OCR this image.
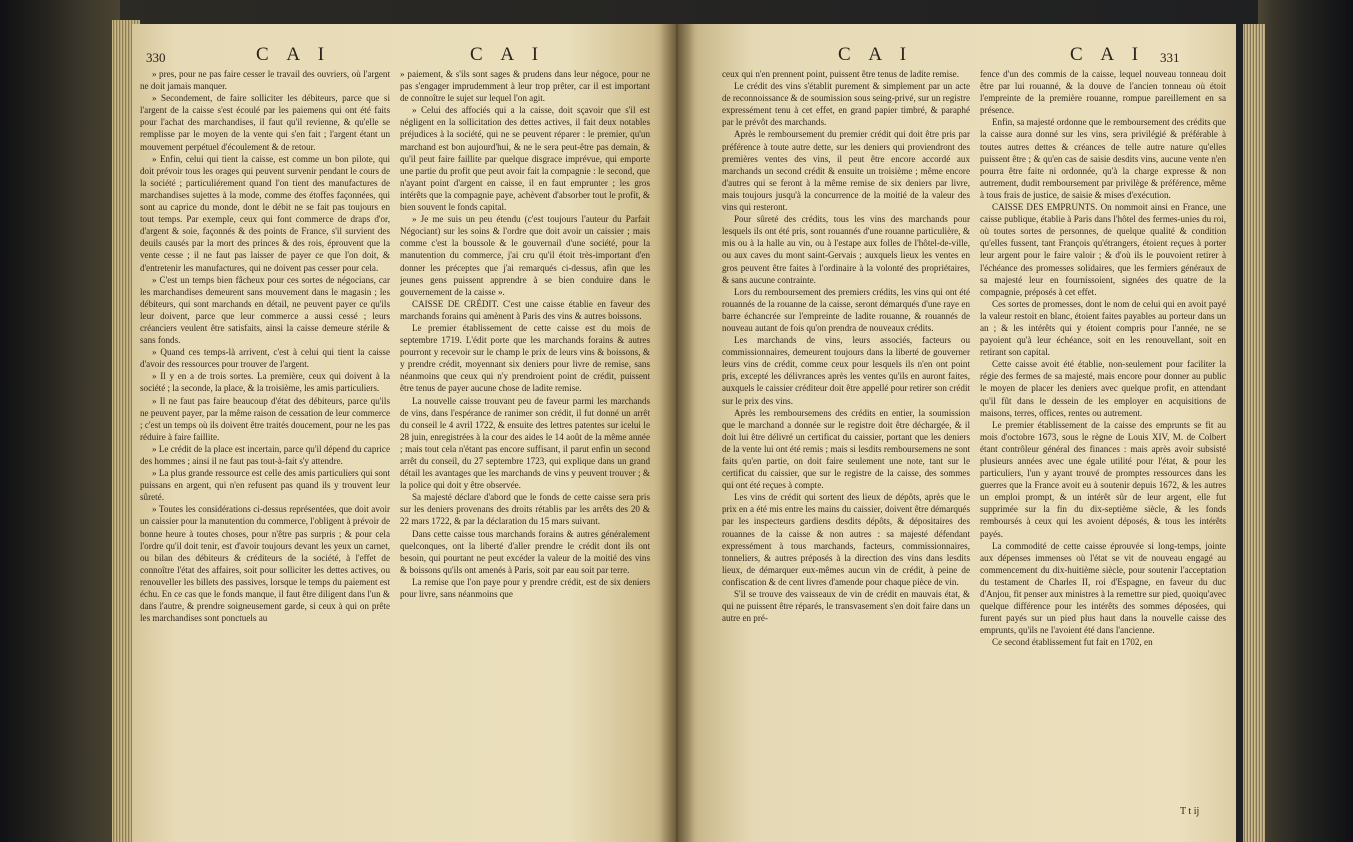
330	C A I	C A I

» pres, pour ne pas faire cesser le travail des ouvriers, où l'argent ne doit jamais manquer.

» Secondement, de faire solliciter les débiteurs, parce que si l'argent de la caisse s'est écoulé par les paiemens qui ont été faits pour l'achat des marchandises, il faut qu'il revienne, & qu'elle se remplisse par le moyen de la vente qui s'en fait ; l'argent étant un mouvement perpétuel d'écoulement & de retour.

» Enfin, celui qui tient la caisse, est comme un bon pilote, qui doit prévoir tous les orages qui peuvent survenir pendant le cours de la société ; particuliérement quand l'on tient des manufactures de marchandises sujettes à la mode, comme des étoffes façonnées, qui sont au caprice du monde, dont le débit ne se fait pas toujours en tout temps. Par exemple, ceux qui font commerce de draps d'or, d'argent & soie, façonnés & des points de France, s'il survient des deuils causés par la mort des princes & des rois, éprouvent que la vente cesse ; il ne faut pas laisser de payer ce que l'on doit, & d'entretenir les manufactures, qui ne doivent pas cesser pour cela.

» C'est un temps bien fâcheux pour ces sortes de négocians, car les marchandises demeurent sans mouvement dans le magasin ; les débiteurs, qui sont marchands en détail, ne peuvent payer ce qu'ils leur doivent, parce que leur commerce a aussi cessé ; leurs créanciers veulent être satisfaits, ainsi la caisse demeure stérile & sans fonds.

» Quand ces temps-là arrivent, c'est à celui qui tient la caisse d'avoir des ressources pour trouver de l'argent.

» Il y en a de trois sortes. La première, ceux qui doivent à la société ; la seconde, la place, & la troisième, les amis particuliers.

» Il ne faut pas faire beaucoup d'état des débiteurs, parce qu'ils ne peuvent payer, par la même raison de cessation de leur commerce ; c'est un temps où ils doivent être traités doucement, pour ne les pas réduire à faire faillite.

» Le crédit de la place est incertain, parce qu'il dépend du caprice des hommes ; ainsi il ne faut pas tout-à-fait s'y attendre.

» La plus grande ressource est celle des amis particuliers qui sont puissans en argent, qui n'en refusent pas quand ils y trouvent leur sûreté.

» Toutes les considérations ci-dessus représentées, que doit avoir un caissier pour la manutention du commerce, l'obligent à prévoir de bonne heure à toutes choses, pour n'être pas surpris ; & pour cela l'ordre qu'il doit tenir, est d'avoir toujours devant les yeux un carnet, ou bilan des débiteurs & créditeurs de la société, à l'effet de connoître l'état des affaires, soit pour solliciter les dettes actives, ou renouveller les billets des passives, lorsque le temps du paiement est échu. En ce cas que le fonds manque, il faut être diligent dans l'un & dans l'autre, & prendre soigneusement garde, si ceux à qui on prête les marchandises sont ponctuels au

» paiement, & s'ils sont sages & prudens dans leur négoce, pour ne pas s'engager imprudemment à leur trop prêter, car il est important de connoître le sujet sur lequel l'on agit.

» Celui des affociés qui a la caisse, doit sçavoir que s'il est négligent en la sollicitation des dettes actives, il fait deux notables préjudices à la société, qui ne se peuvent réparer : le premier, qu'un marchand est bon aujourd'hui, & ne le sera peut-être pas demain, & qu'il peut faire faillite par quelque disgrace imprévue, qui emporte une partie du profit que peut avoir fait la compagnie : le second, que n'ayant point d'argent en caisse, il en faut emprunter ; les gros intérêts que la compagnie paye, achèvent d'absorber tout le profit, & bien souvent le fonds capital.

» Je me suis un peu étendu (c'est toujours l'auteur du Parfait Négociant) sur les soins & l'ordre que doit avoir un caissier ; mais comme c'est la boussole & le gouvernail d'une société, pour la manutention du commerce, j'ai cru qu'il étoit très-important d'en donner les préceptes que j'ai remarqués ci-dessus, afin que les jeunes gens puissent apprendre à se bien conduire dans le gouvernement de la caisse ».

CAISSE DE CRÉDIT. C'est une caisse établie en faveur des marchands forains qui amènent à Paris des vins & autres boissons.

Le premier établissement de cette caisse est du mois de septembre 1719. L'édit porte que les marchands forains & autres pourront y recevoir sur le champ le prix de leurs vins & boissons, & y prendre crédit, moyennant six deniers pour livre de remise, sans néanmoins que ceux qui n'y prendroient point de crédit, puissent être tenus de payer aucune chose de ladite remise.

La nouvelle caisse trouvant peu de faveur parmi les marchands de vins, dans l'espérance de ranimer son crédit, il fut donné un arrêt du conseil le 4 avril 1722, & ensuite des lettres patentes sur icelui le 28 juin, enregistrées à la cour des aides le 14 août de la même année ; mais tout cela n'étant pas encore suffisant, il parut enfin un second arrêt du conseil, du 27 septembre 1723, qui explique dans un grand détail les avantages que les marchands de vins y peuvent trouver ; & la police qui doit y être observée.

Sa majesté déclare d'abord que le fonds de cette caisse sera pris sur les deniers provenans des droits rétablis par les arrêts des 20 & 22 mars 1722, & par la déclaration du 15 mars suivant.

Dans cette caisse tous marchands forains & autres généralement quelconques, ont la liberté d'aller prendre le crédit dont ils ont besoin, qui pourtant ne peut excéder la valeur de la moitié des vins & boissons qu'ils ont amenés à Paris, soit par eau soit par terre.

La remise que l'on paye pour y prendre crédit, est de six deniers pour livre, sans néanmoins que

C A I	C A I 331

ceux qui n'en prennent point, puissent être tenus de ladite remise.

Le crédit des vins s'établit purement & simplement par un acte de reconnoissance & de soumission sous seing-privé, sur un registre expressément tenu à cet effet, en grand papier timbré, & paraphé par le prévôt des marchands.

Après le remboursement du premier crédit qui doit être pris par préférence à toute autre dette, sur les deniers qui proviendront des premières ventes des vins, il peut être encore accordé aux marchands un second crédit & ensuite un troisième ; même encore d'autres qui se feront à la même remise de six deniers par livre, mais toujours jusqu'à la concurrence de la moitié de la valeur des vins qui resteront.

Pour sûreté des crédits, tous les vins des marchands pour lesquels ils ont été pris, sont rouannés d'une rouanne particulière, & mis ou à la halle au vin, ou à l'estape aux folles de l'hôtel-de-ville, ou aux caves du mont saint-Gervais ; auxquels lieux les ventes en gros peuvent être faites à l'ordinaire à la volonté des propriétaires, & sans aucune contrainte.

Lors du remboursement des premiers crédits, les vins qui ont été rouannés de la rouanne de la caisse, seront démarqués d'une raye en barre échancrée sur l'empreinte de ladite rouanne, & rouannés de nouveau autant de fois qu'on prendra de nouveaux crédits.

Les marchands de vins, leurs associés, facteurs ou commissionnaires, demeurent toujours dans la liberté de gouverner leurs vins de crédit, comme ceux pour lesquels ils n'en ont point pris, excepté les délivrances après les ventes qu'ils en auront faites, auxquels le caissier créditeur doit être appellé pour retirer son crédit sur le prix des vins.

Après les remboursemens des crédits en entier, la soumission que le marchand a donnée sur le registre doit être déchargée, & il doit lui être délivré un certificat du caissier, portant que les deniers de la vente lui ont été remis ; mais si lesdits remboursemens ne sont faits qu'en partie, on doit faire seulement une note, tant sur le certificat du caissier, que sur le registre de la caisse, des sommes qui ont été reçues à compte.

Les vins de crédit qui sortent des lieux de dépôts, après que le prix en a été mis entre les mains du caissier, doivent être démarqués par les inspecteurs gardiens desdits dépôts, & dépositaires des rouannes de la caisse & non autres : sa majesté défendant expressément à tous marchands, facteurs, commissionnaires, tonneliers, & autres préposés à la direction des vins dans lesdits lieux, de démarquer eux-mêmes aucun vin de crédit, à peine de confiscation & de cent livres d'amende pour chaque pièce de vin.

S'il se trouve des vaisseaux de vin de crédit en mauvais état, & qui ne puissent être réparés, le transvasement s'en doit faire dans un autre en pré-

fence d'un des commis de la caisse, lequel nouveau tonneau doit être par lui rouanné, & la douve de l'ancien tonneau où étoit l'empreinte de la première rouanne, rompue pareillement en sa présence.

Enfin, sa majesté ordonne que le remboursement des crédits que la caisse aura donné sur les vins, sera privilégié & préférable à toutes autres dettes & créances de telle autre nature qu'elles puissent être ; & qu'en cas de saisie desdits vins, aucune vente n'en pourra être faite ni ordonnée, qu'à la charge expresse & non autrement, dudit remboursement par privilège & préférence, même à tous frais de justice, de saisie & mises d'exécution.

CAISSE DES EMPRUNTS. On nommoit ainsi en France, une caisse publique, établie à Paris dans l'hôtel des fermes-unies du roi, où toutes sortes de personnes, de quelque qualité & condition qu'elles fussent, tant François qu'étrangers, étoient reçues à porter leur argent pour le faire valoir ; & d'où ils le pouvoient retirer à l'échéance des promesses solidaires, que les fermiers généraux de sa majesté leur en fournissoient, signées des quatre de la compagnie, préposés à cet effet.

Ces sortes de promesses, dont le nom de celui qui en avoit payé la valeur restoit en blanc, étoient faites payables au porteur dans un an ; & les intérêts qui y étoient compris pour l'année, ne se payoient qu'à leur échéance, soit en les renouvellant, soit en retirant son capital.

Cette caisse avoit été établie, non-seulement pour faciliter la régie des fermes de sa majesté, mais encore pour donner au public le moyen de placer les deniers avec quelque profit, en attendant qu'il fût dans le dessein de les employer en acquisitions de maisons, terres, offices, rentes ou autrement.

Le premier établissement de la caisse des emprunts se fit au mois d'octobre 1673, sous le règne de Louis XIV, M. de Colbert étant contrôleur général des finances : mais après avoir subsisté plusieurs années avec une égale utilité pour l'état, & pour les particuliers, l'un y ayant trouvé de promptes ressources dans les guerres que la France avoit eu à soutenir depuis 1672, & les autres un emploi prompt, & un intérêt sûr de leur argent, elle fut supprimée sur la fin du dix-septième siècle, & les fonds remboursés à ceux qui les avoient déposés, & tous les intérêts payés.

La commodité de cette caisse éprouvée si long-temps, jointe aux dépenses immenses où l'état se vit de nouveau engagé au commencement du dix-huitième siècle, pour soutenir l'acceptation du testament de Charles II, roi d'Espagne, en faveur du duc d'Anjou, fit penser aux ministres à la remettre sur pied, quoiqu'avec quelque différence pour les intérêts des sommes déposées, qui furent payés sur un pied plus haut dans la nouvelle caisse des emprunts, qu'ils ne l'avoient été dans l'ancienne.

Ce second établissement fut fait en 1702, en

T t ij
